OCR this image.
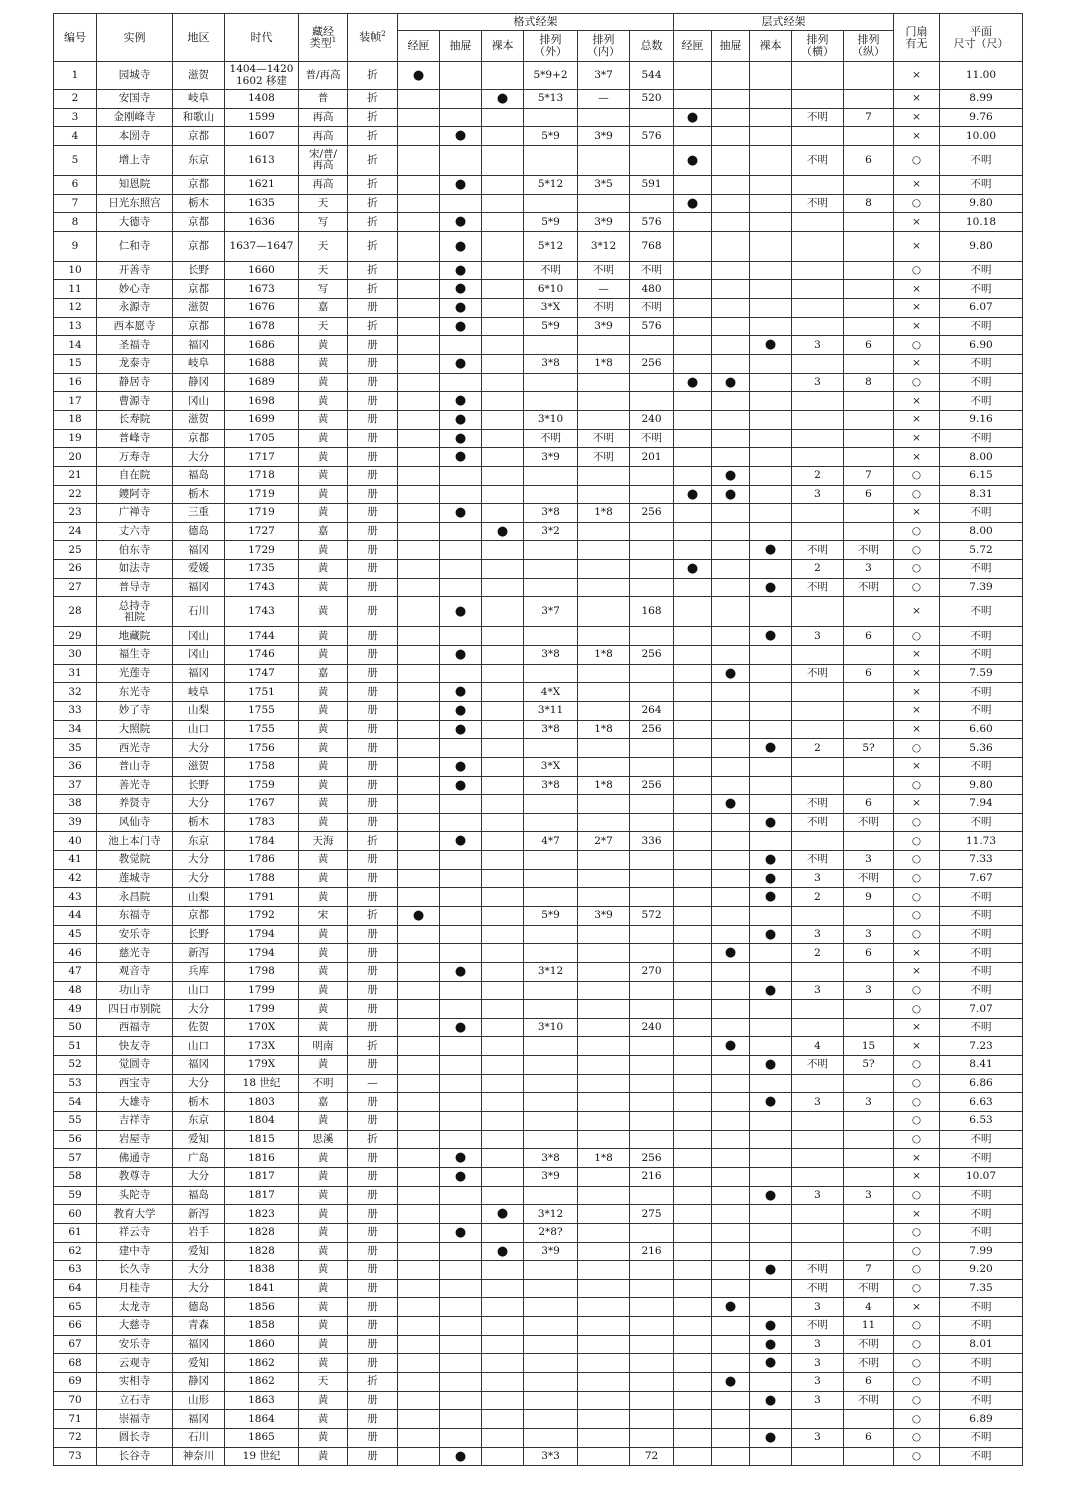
编号	实例	地区	时代	藏经
类型$^1$	装帧$^2$	格式经架						层式经架					门扇
有无	平面
尺寸（尺）

						经匣	抽屉	裸本	排列
（外）	排列
（内）	总数	经匣	抽屉	裸本	排列
（横）	排列
（纵）		

1	园城寺	滋贺	1404—1420
1602 移建	普/再高	折	●			5*9+2	3*7	544						×	11.00
2	安国寺	岐阜	1408	普	折			●	5*13	—	520						×	8.99
3	金刚峰寺	和歌山	1599	再高	折							●			不明	7	×	9.76
4	本圀寺	京都	1607	再高	折		●		5*9	3*9	576						×	10.00
5	增上寺	东京	1613	宋/普/
再高	折							●			不明	6	○	不明
6	知恩院	京都	1621	再高	折		●		5*12	3*5	591						×	不明
7	日光东照宫	栃木	1635	天	折							●			不明	8	○	9.80
8	大德寺	京都	1636	写	折		●		5*9	3*9	576						×	10.18
9	仁和寺	京都	1637—1647	天	折		●		5*12	3*12	768						×	9.80
10	开善寺	长野	1660	天	折		●		不明	不明	不明						○	不明
11	妙心寺	京都	1673	写	折		●		6*10	—	480						×	不明
12	永源寺	滋贺	1676	嘉	册		●		3*X	不明	不明						×	6.07
13	西本愿寺	京都	1678	天	折		●		5*9	3*9	576						×	不明
14	圣福寺	福冈	1686	黄	册									●	3	6	○	6.90
15	龙泰寺	岐阜	1688	黄	册		●		3*8	1*8	256						×	不明
16	静居寺	静冈	1689	黄	册							●	●		3	8	○	不明
17	曹源寺	冈山	1698	黄	册		●										×	不明
18	长寿院	滋贺	1699	黄	册		●		3*10		240						×	9.16
19	普峰寺	京都	1705	黄	册		●		不明	不明	不明						×	不明
20	万寿寺	大分	1717	黄	册		●		3*9	不明	201						×	8.00
21	自在院	福岛	1718	黄	册								●		2	7	○	6.15
22	鑁阿寺	栃木	1719	黄	册							●	●		3	6	○	8.31
23	广禅寺	三重	1719	黄	册		●		3*8	1*8	256						×	不明
24	丈六寺	德岛	1727	嘉	册			●	3*2								○	8.00
25	伯东寺	福冈	1729	黄	册									●	不明	不明	○	5.72
26	如法寺	爱媛	1735	黄	册							●			2	3	○	不明
27	普导寺	福冈	1743	黄	册									●	不明	不明	○	7.39
28	总持寺
祖院	石川	1743	黄	册		●		3*7		168						×	不明
29	地藏院	冈山	1744	黄	册									●	3	6	○	不明
30	福生寺	冈山	1746	黄	册		●		3*8	1*8	256						×	不明
31	光莲寺	福冈	1747	嘉	册								●		不明	6	×	7.59
32	东光寺	岐阜	1751	黄	册		●		4*X								×	不明
33	妙了寺	山梨	1755	黄	册		●		3*11		264						×	不明
34	大照院	山口	1755	黄	册		●		3*8	1*8	256						×	6.60
35	西光寺	大分	1756	黄	册									●	2	5?	○	5.36
36	普山寺	滋贺	1758	黄	册		●		3*X								×	不明
37	善光寺	长野	1759	黄	册		●		3*8	1*8	256						○	9.80
38	养贤寺	大分	1767	黄	册								●		不明	6	×	7.94
39	风仙寺	栃木	1783	黄	册									●	不明	不明	○	不明
40	池上本门寺	东京	1784	天海	折		●		4*7	2*7	336						○	11.73
41	教觉院	大分	1786	黄	册									●	不明	3	○	7.33
42	莲城寺	大分	1788	黄	册									●	3	不明	○	7.67
43	永昌院	山梨	1791	黄	册									●	2	9	○	不明
44	东福寺	京都	1792	宋	折	●			5*9	3*9	572						○	不明
45	安乐寺	长野	1794	黄	册									●	3	3	○	不明
46	慈光寺	新泻	1794	黄	册								●		2	6	×	不明
47	观音寺	兵库	1798	黄	册		●		3*12		270						×	不明
48	功山寺	山口	1799	黄	册									●	3	3	○	不明
49	四日市别院	大分	1799	黄	册												○	7.07
50	西福寺	佐贺	170X	黄	册		●		3*10		240						×	不明
51	快友寺	山口	173X	明南	折								●		4	15	×	7.23
52	觉圆寺	福冈	179X	黄	册									●	不明	5?	○	8.41
53	西宝寺	大分	18 世纪	不明	—												○	6.86
54	大雄寺	栃木	1803	嘉	册									●	3	3	○	6.63
55	吉祥寺	东京	1804	黄	册												○	6.53
56	岩屋寺	爱知	1815	思溪	折												○	不明
57	佛通寺	广岛	1816	黄	册		●		3*8	1*8	256						×	不明
58	教尊寺	大分	1817	黄	册		●		3*9		216						×	10.07
59	头陀寺	福岛	1817	黄	册									●	3	3	○	不明
60	教育大学	新泻	1823	黄	册			●	3*12		275						×	不明
61	祥云寺	岩手	1828	黄	册		●		2*8?								○	不明
62	建中寺	爱知	1828	黄	册			●	3*9		216						○	7.99
63	长久寺	大分	1838	黄	册									●	不明	7	○	9.20
64	月桂寺	大分	1841	黄	册										不明	不明	○	7.35
65	太龙寺	德岛	1856	黄	册								●		3	4	×	不明
66	大慈寺	青森	1858	黄	册									●	不明	11	○	不明
67	安乐寺	福冈	1860	黄	册									●	3	不明	○	8.01
68	云观寺	爱知	1862	黄	册									●	3	不明	○	不明
69	实相寺	静冈	1862	天	折								●		3	6	○	不明
70	立石寺	山形	1863	黄	册									●	3	不明	○	不明
71	崇福寺	福冈	1864	黄	册												○	6.89
72	圆长寺	石川	1865	黄	册									●	3	6	○	不明
73	长谷寺	神奈川	19 世纪	黄	册		●		3*3		72						○	不明
